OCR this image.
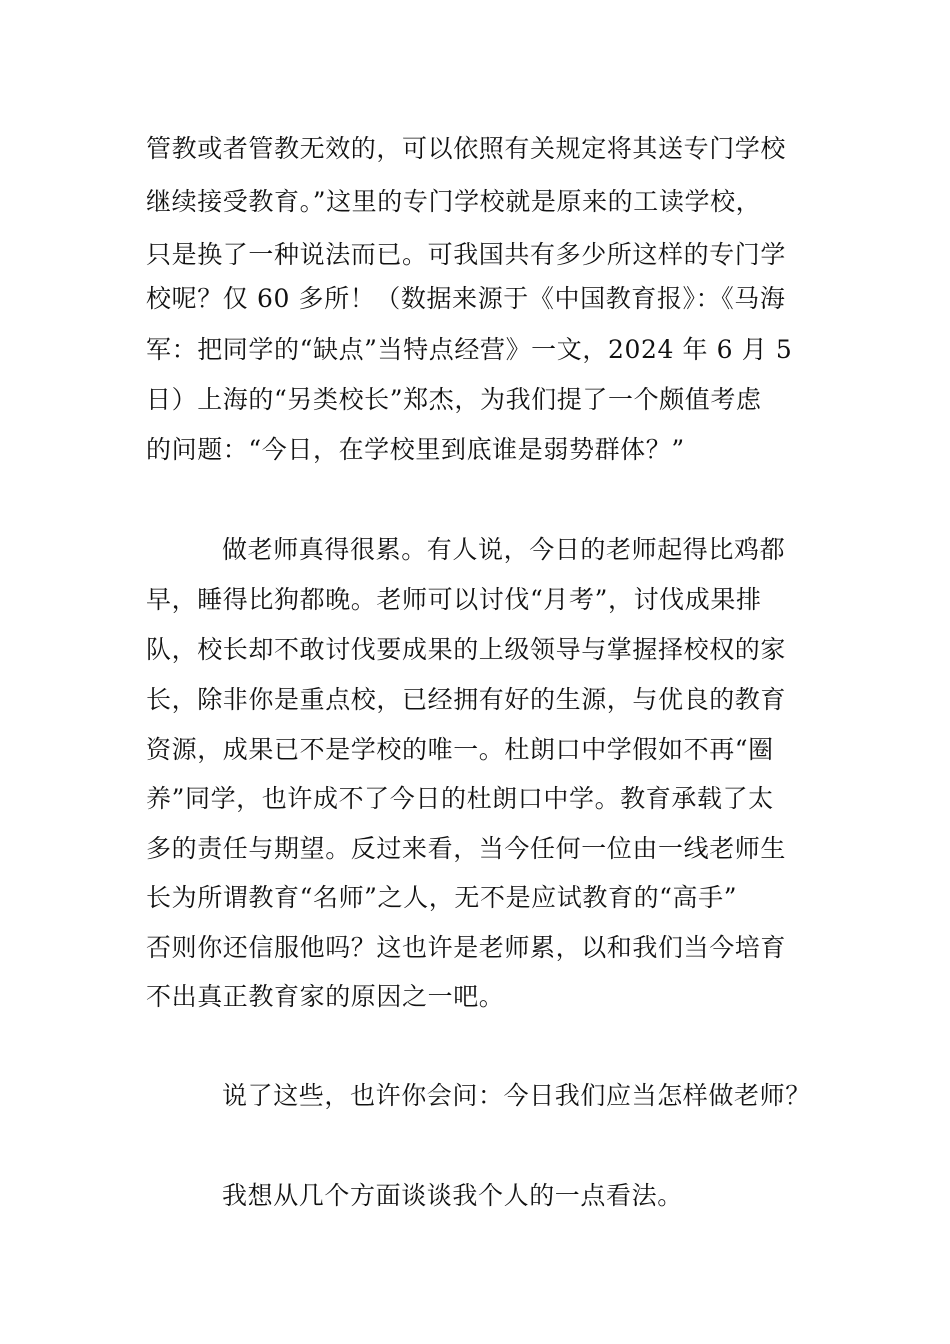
管教或者管教无效的，可以依照有关规定将其送专门学校
继续接受教育。”这里的专门学校就是原来的工读学校，
只是换了一种说法而已。可我国共有多少所这样的专门学
校呢？仅 60 多所！（数据来源于《中国教育报》：《马海
军：把同学的“缺点”当特点经营》一文，2024 年 6 月 5
日）上海的“另类校长”郑杰，为我们提了一个颇值考虑
的问题：“今日，在学校里到底谁是弱势群体？”
做老师真得很累。有人说，今日的老师起得比鸡都
早，睡得比狗都晚。老师可以讨伐“月考”，讨伐成果排
队，校长却不敢讨伐要成果的上级领导与掌握择校权的家
长，除非你是重点校，已经拥有好的生源，与优良的教育
资源，成果已不是学校的唯一。杜朗口中学假如不再“圈
养”同学，也许成不了今日的杜朗口中学。教育承载了太
多的责任与期望。反过来看，当今任何一位由一线老师生
长为所谓教育“名师”之人，无不是应试教育的“高手”
否则你还信服他吗？这也许是老师累，以和我们当今培育
不出真正教育家的原因之一吧。
说了这些，也许你会问：今日我们应当怎样做老师？
我想从几个方面谈谈我个人的一点看法。
